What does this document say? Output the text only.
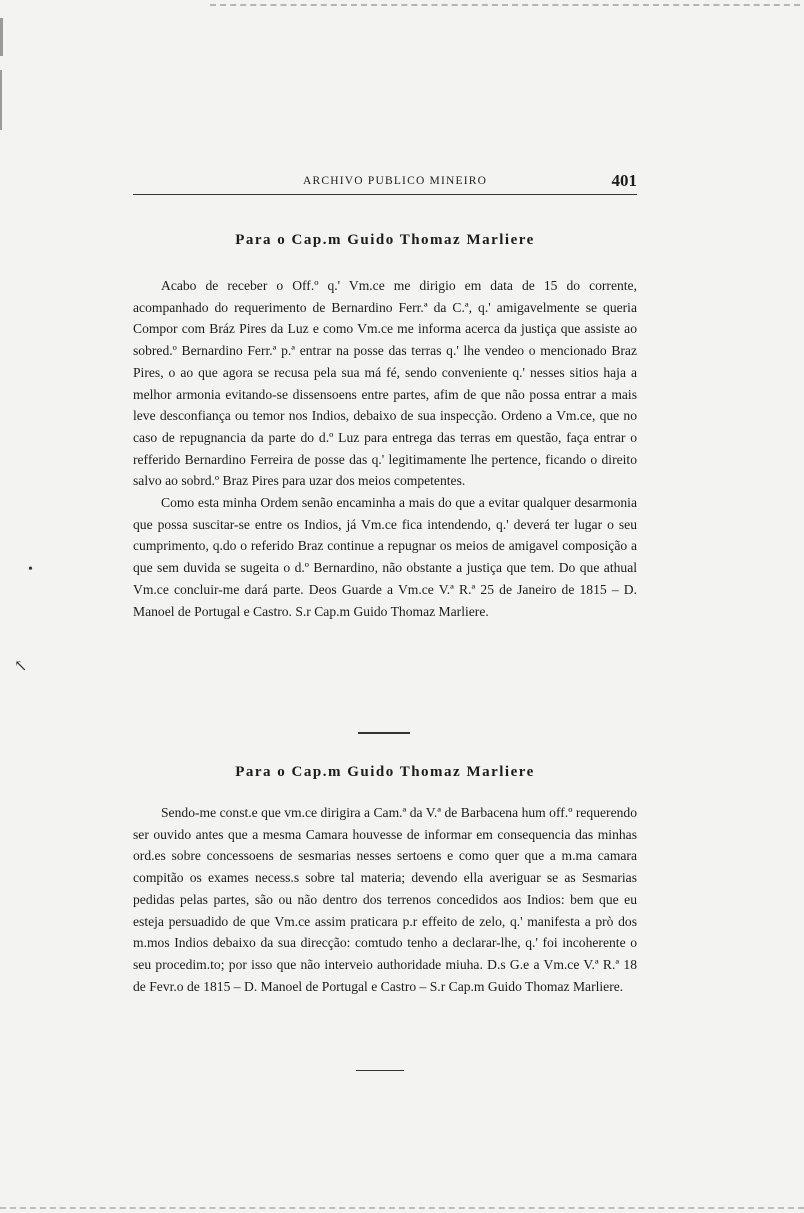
ARCHIVO PUBLICO MINEIRO	401
Para o Cap.m Guido Thomaz Marliere

Acabo de receber o Off.º q.' Vm.ce me dirigio em data de 15 do corrente, acompanhado do requerimento de Bernardino Ferr.ª da C.ª, q.' amigavelmente se queria Compor com Bráz Pires da Luz e como Vm.ce me informa acerca da justiça que assiste ao sobred.º Bernardino Ferr.ª p.ª entrar na posse das terras q.' lhe vendeo o mencionado Braz Pires, o ao que agora se recusa pela sua má fé, sendo conveniente q.' nesses sitios haja a melhor armonia evitando-se dissensoens entre partes, afim de que não possa entrar a mais leve desconfiança ou temor nos Indios, debaixo de sua inspecção. Ordeno a Vm.ce, que no caso de repugnancia da parte do d.º Luz para entrega das terras em questão, faça entrar o refferido Bernardino Ferreira de posse das q.' legitimamente lhe pertence, ficando o direito salvo ao sobrd.º Braz Pires para uzar dos meios competentes.

Como esta minha Ordem senão encaminha a mais do que a evitar qualquer desarmonia que possa suscitar-se entre os Indios, já Vm.ce fica intendendo, q.' deverá ter lugar o seu cumprimento, q.do o referido Braz continue a repugnar os meios de amigavel composição a que sem duvida se sugeita o d.º Bernardino, não obstante a justiça que tem. Do que athual Vm.ce concluir-me dará parte. Deos Guarde a Vm.ce V.ª R.ª 25 de Janeiro de 1815 – D. Manoel de Portugal e Castro. S.r Cap.m Guido Thomaz Marliere.

Para o Cap.m Guido Thomaz Marliere

Sendo-me const.e que vm.ce dirigira a Cam.ª da V.ª de Barbacena hum off.º requerendo ser ouvido antes que a mesma Camara houvesse de informar em consequencia das minhas ord.es sobre concessoens de sesmarias nesses sertoens e como quer que a m.ma camara compitão os exames necess.s sobre tal materia; devendo ella averiguar se as Sesmarias pedidas pelas partes, são ou não dentro dos terrenos concedidos aos Indios: bem que eu esteja persuadido de que Vm.ce assim praticara p.r effeito de zelo, q.' manifesta a prò dos m.mos Indios debaixo da sua direcção: comtudo tenho a declarar-lhe, q.' foi incoherente o seu procedim.to; por isso que não interveio authoridade miuha. D.s G.e a Vm.ce V.ª R.ª 18 de Fevr.o de 1815 – D. Manoel de Portugal e Castro – S.r Cap.m Guido Thomaz Marliere.

•
↖
